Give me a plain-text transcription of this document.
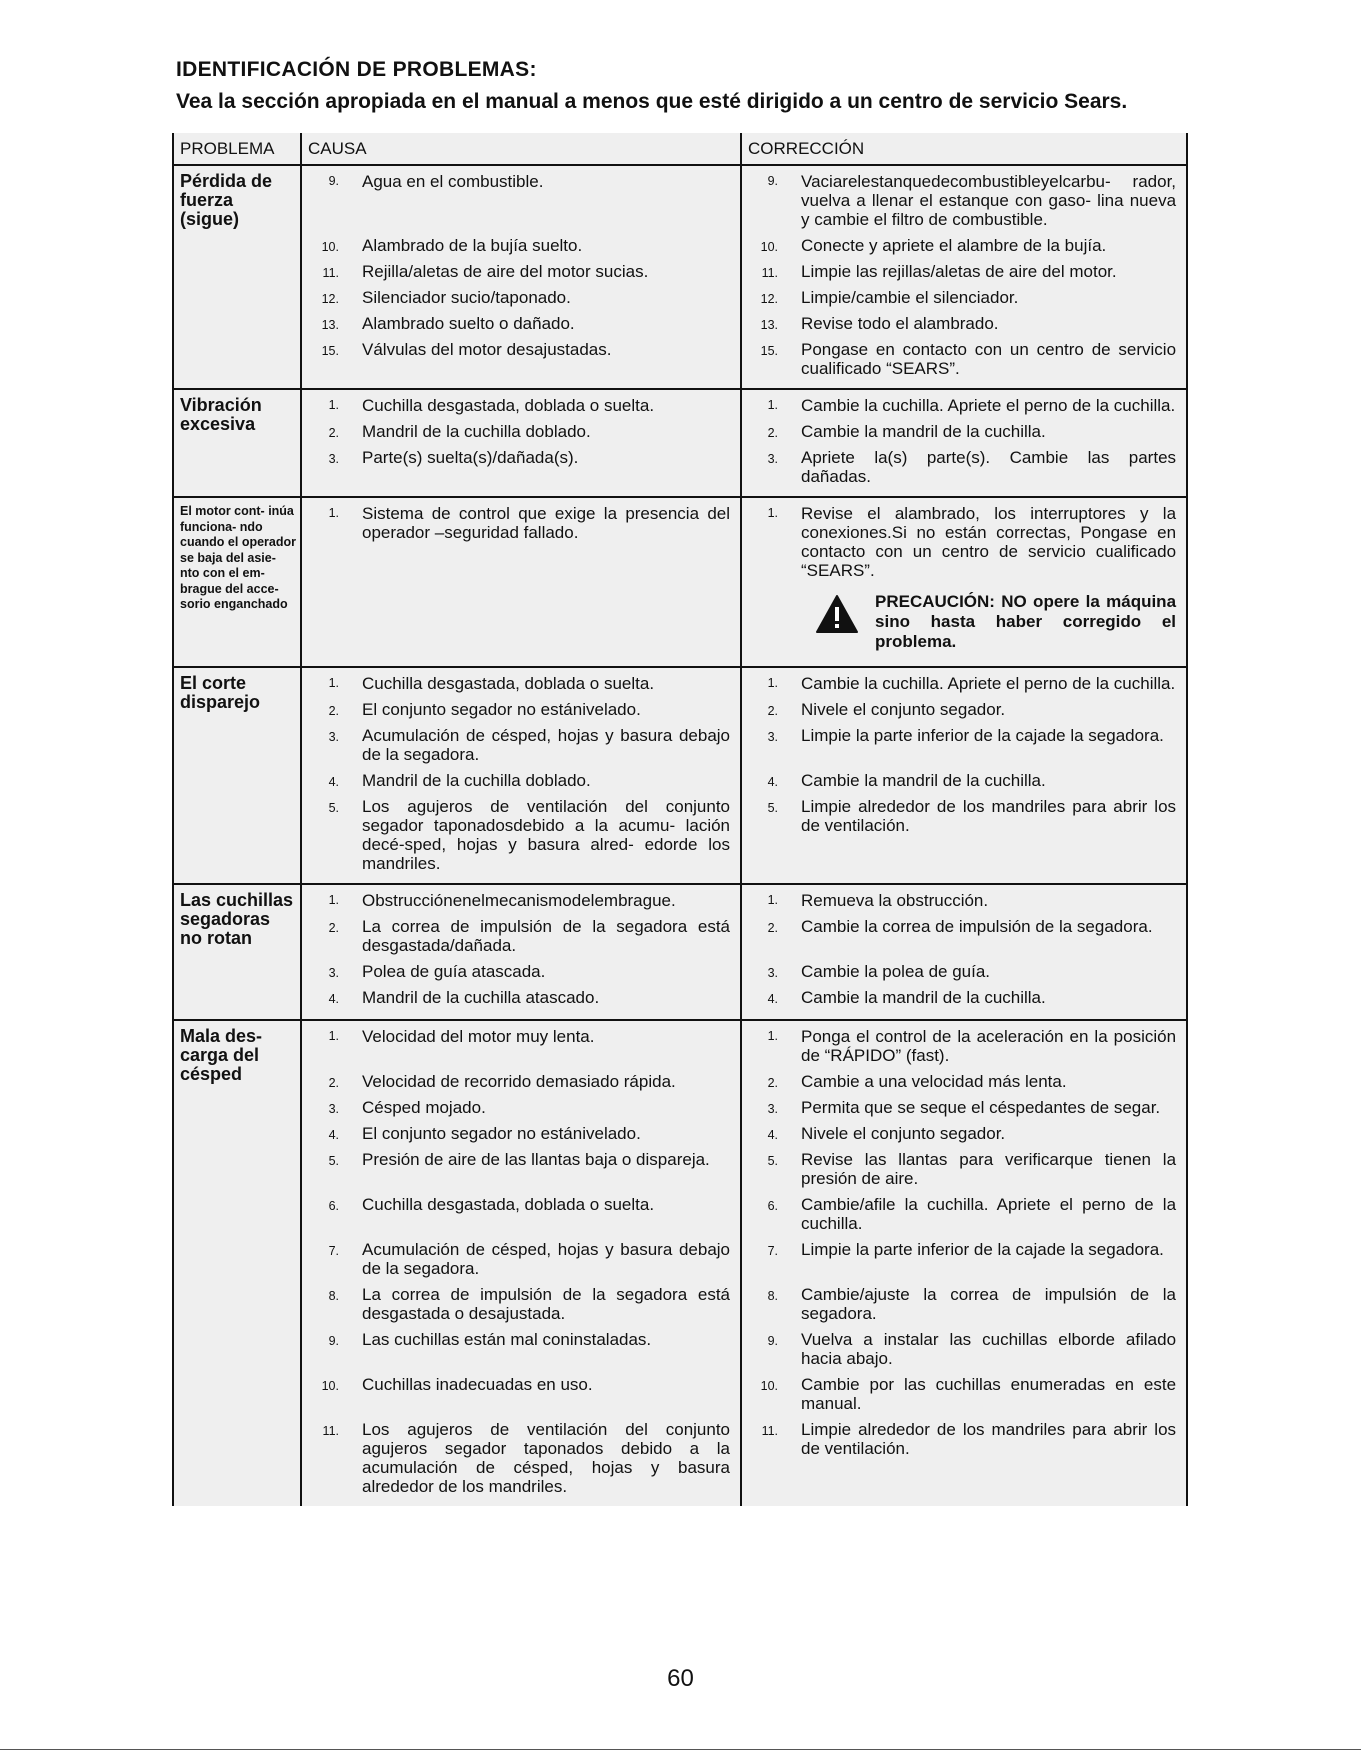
IDENTIFICACIÓN DE PROBLEMAS:
Vea la sección apropiada en el manual a menos que esté dirigido a un centro de servicio Sears.
PROBLEMA	CAUSA		CORRECCIÓN	
Pérdida de fuerza (sigue)	9.	Agua en el combustible.	9.	Vaciarelestanquedecombustibleyelcarbu- rador, vuelva a llenar el estanque con gaso- lina nueva y cambie el filtro de combustible.
	10.	Alambrado de la bujía suelto.	10.	Conecte y apriete el alambre de la bujía.
	11.	Rejilla/aletas de aire del motor sucias.	11.	Limpie las rejillas/aletas de aire del motor.
	12.	Silenciador sucio/taponado.	12.	Limpie/cambie el silenciador.
	13.	Alambrado suelto o dañado.	13.	Revise todo el alambrado.
	15.	Válvulas del motor desajustadas.	15.	Pongase en contacto con un centro de servicio cualificado “SEARS”.
Vibración excesiva	1.	Cuchilla desgastada, doblada o suelta.	1.	Cambie la cuchilla. Apriete el perno de la cuchilla.
	2.	Mandril de la cuchilla doblado.	2.	Cambie la mandril de la cuchilla.
	3.	Parte(s) suelta(s)/dañada(s).	3.	Apriete la(s) parte(s). Cambie las partes dañadas.
El motor cont- inúa funciona- ndo cuando el operador se baja del asie- nto con el em- brague del acce-sorio enganchado	1.	Sistema de control que exige la presencia del operador –seguridad fallado.	1.	Revise el alambrado, los interruptores y la conexiones.Si no están correctas, Pongase en contacto con un centro de servicio cualificado “SEARS”.
PRECAUCIÓN: NO opere la máquina sino hasta haber corregido el problema.

El corte disparejo	1.	Cuchilla desgastada, doblada o suelta.	1.	Cambie la cuchilla. Apriete el perno de la cuchilla.
	2.	El conjunto segador no estánivelado.	2.	Nivele el conjunto segador.
	3.	Acumulación de césped, hojas y basura debajo de la segadora.	3.	Limpie la parte inferior de la cajade la segadora.
	4.	Mandril de la cuchilla doblado.	4.	Cambie la mandril de la cuchilla.
	5.	Los agujeros de ventilación del conjunto segador taponadosdebido a la acumu- lación decé-sped, hojas y basura alred- edorde los mandriles.	5.	Limpie alrededor de los mandriles para abrir los de ventilación.
Las cuchillas segadoras no rotan	1.	Obstrucciónenelmecanismodelembrague.	1.	Remueva la obstrucción.
	2.	La correa de impulsión de la segadora está desgastada/dañada.	2.	Cambie la correa de impulsión de la segadora.
	3.	Polea de guía atascada.	3.	Cambie la polea de guía.
	4.	Mandril de la cuchilla atascado.	4.	Cambie la mandril de la cuchilla.
Mala des- carga del césped	1.	Velocidad del motor muy lenta.	1.	Ponga el control de la aceleración en la posición de “RÁPIDO” (fast).
	2.	Velocidad de recorrido demasiado rápida.	2.	Cambie a una velocidad más lenta.
	3.	Césped mojado.	3.	Permita que se seque el céspedantes de segar.
	4.	El conjunto segador no estánivelado.	4.	Nivele el conjunto segador.
	5.	Presión de aire de las llantas baja o dispareja.	5.	Revise las llantas para verificarque tienen la presión de aire.
	6.	Cuchilla desgastada, doblada o suelta.	6.	Cambie/afile la cuchilla. Apriete el perno de la cuchilla.
	7.	Acumulación de césped, hojas y basura debajo de la segadora.	7.	Limpie la parte inferior de la cajade la segadora.
	8.	La correa de impulsión de la segadora está desgastada o desajustada.	8.	Cambie/ajuste la correa de impulsión de la segadora.
	9.	Las cuchillas están mal coninstaladas.	9.	Vuelva a instalar las cuchillas elborde afilado hacia abajo.
	10.	Cuchillas inadecuadas en uso.	10.	Cambie por las cuchillas enumeradas en este manual.
	11.	Los agujeros de ventilación del conjunto agujeros segador taponados debido a la acumulación de césped, hojas y basura alrededor de los mandriles.	11.	Limpie alrededor de los mandriles para abrir los de ventilación.
60
